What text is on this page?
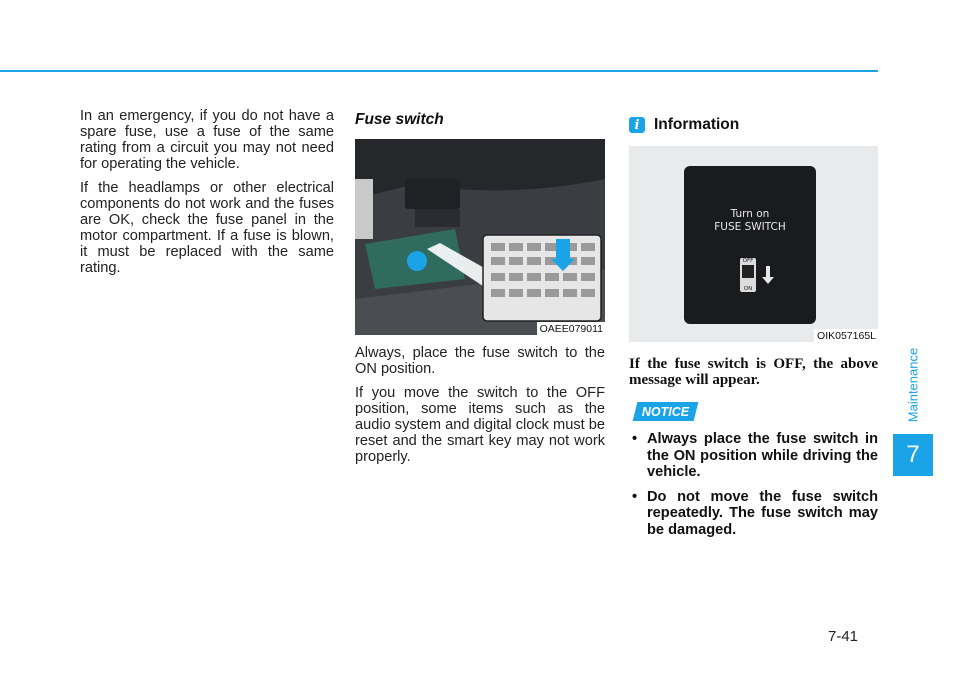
In an emergency, if you do not have a spare fuse, use a fuse of the same rating from a circuit you may not need for operating the vehicle.

If the headlamps or other electrical components do not work and the fuses are OK, check the fuse panel in the motor compartment. If a fuse is blown, it must be replaced with the same rating.

Fuse switch
OAEE079011

Always, place the fuse switch to the ON position.

If you move the switch to the OFF position, some items such as the audio system and digital clock must be reset and the smart key may not work properly.

i Information
Turn on
FUSE SWITCH
OFF
ON
OIK057165L
If the fuse switch is OFF, the above message will appear.
NOTICE
• Always place the fuse switch in the ON position while driving the vehicle.
• Do not move the fuse switch repeatedly. The fuse switch may be damaged.
Maintenance
7
7-41
